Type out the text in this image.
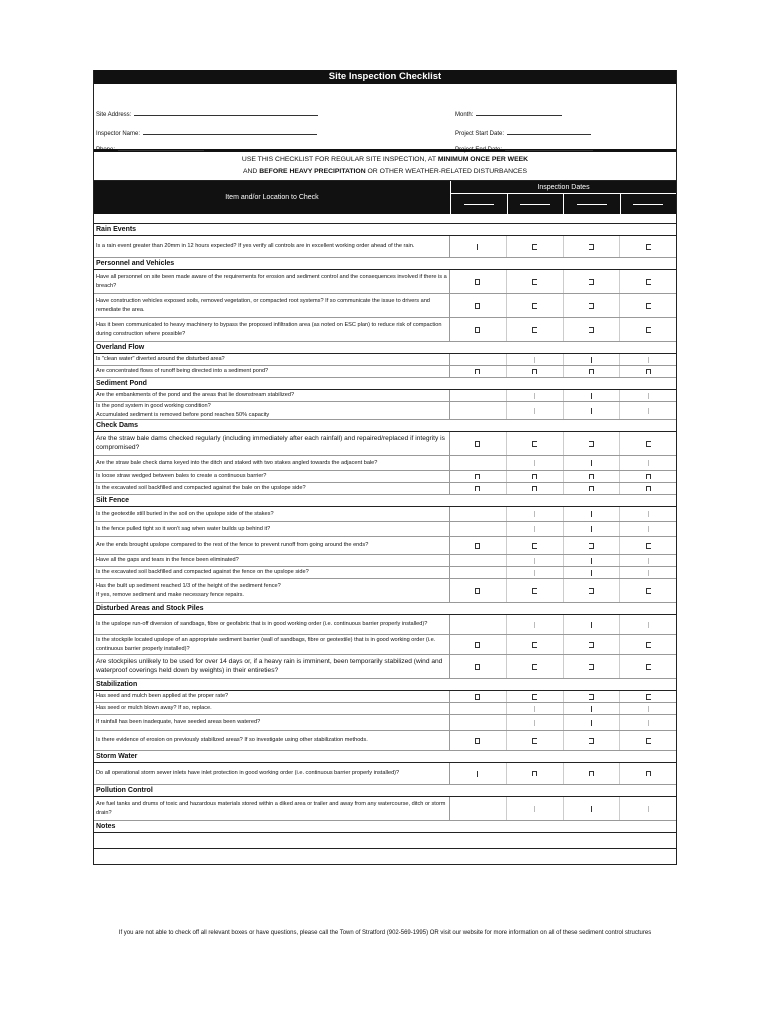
Site Inspection Checklist
Site Address:
Inspector Name:
Phone:
Month:
Project Start Date:
Project End Date:
USE THIS CHECKLIST FOR REGULAR SITE INSPECTION, AT MINIMUM ONCE PER WEEK
AND BEFORE HEAVY PRECIPITATION OR OTHER WEATHER-RELATED DISTURBANCES
Item and/or Location to Check
Inspection Dates
Rain Events
Is a rain event greater than 20mm in 12 hours expected? If yes verify all controls are in excellent working order ahead of the rain.
Personnel and Vehicles
Have all personnel on site been made aware of the requirements for erosion and sediment control and the consequences involved if there is a breach?
Have construction vehicles exposed soils, removed vegetation, or compacted root systems? If so communicate the issue to drivers and remediate the area.
Has it been communicated to heavy machinery to bypass the proposed infiltration area (as noted on ESC plan) to reduce risk of compaction during construction where possible?
Overland Flow
Is "clean water" diverted around the disturbed area?
Are concentrated flows of runoff being directed into a sediment pond?
Sediment Pond
Are the embankments of the pond and the areas that lie downstream stabilized?
Is the pond system in good working condition?
Accumulated sediment is removed before pond reaches 50% capacity
Check Dams
Are the straw bale dams checked regularly (including immediately after each rainfall) and repaired/replaced if integrity is compromised?
Are the straw bale check dams keyed into the ditch and staked with two stakes angled towards the adjacent bale?
Is loose straw wedged between bales to create a continuous barrier?
Is the excavated soil backfilled and compacted against the bale on the upslope side?
Silt Fence
Is the geotextile still buried in the soil on the upslope side of the stakes?
Is the fence pulled tight so it won't sag when water builds up behind it?
Are the ends brought upslope compared to the rest of the fence to prevent runoff from going around the ends?
Have all the gaps and tears in the fence been eliminated?
Is the excavated soil backfilled and compacted against the fence on the upslope side?
Has the built up sediment reached 1/3 of the height of the sediment fence?
If yes, remove sediment and make necessary fence repairs.
Disturbed Areas and Stock Piles
Is the upslope run-off diversion of sandbags, fibre or geofabric that is in good working order (i.e. continuous barrier properly installed)?
Is the stockpile located upslope of an appropriate sediment barrier (wall of sandbags, fibre or geotextile) that is in good working order (i.e. continuous barrier properly installed)?
Are stockpiles unlikely to be used for over 14 days or, if a heavy rain is imminent, been temporarily stabilized (wind and waterproof coverings held down by weights) in their entireties?
Stabilization
Has seed and mulch been applied at the proper rate?
Has seed or mulch blown away? If so, replace.
If rainfall has been inadequate, have seeded areas been watered?
Is there evidence of erosion on previously stabilized areas? If so investigate using other stabilization methods.
Storm Water
Do all operational storm sewer inlets have inlet protection in good working order (i.e. continuous barrier properly installed)?
Pollution Control
Are fuel tanks and drums of toxic and hazardous materials stored within a diked area or trailer and away from any watercourse, ditch or storm drain?
Notes
If you are not able to check off all relevant boxes or have questions, please call the Town of Stratford (902-569-1995) OR visit our website for more information on all of these sediment control structures
